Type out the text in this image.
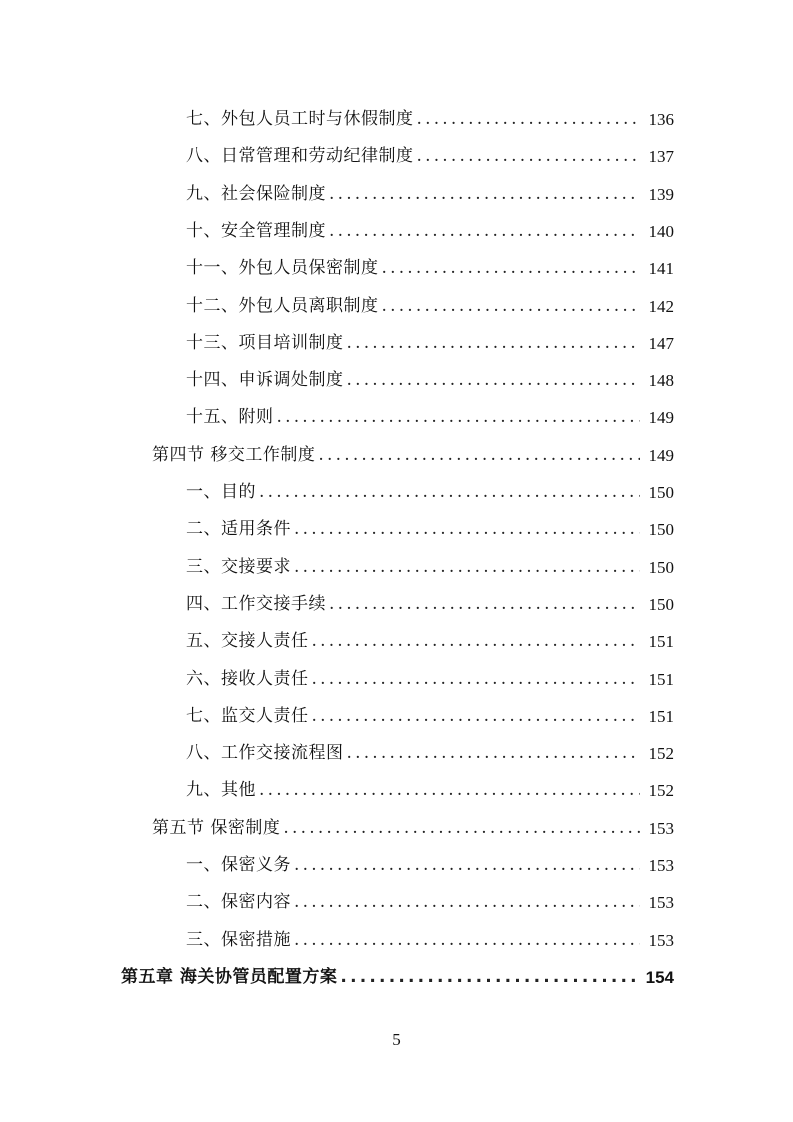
七、外包人员工时与休假制度 .....	136
八、日常管理和劳动纪律制度 .....	137
九、社会保险制度 .....	139
十、安全管理制度 .....	140
十一、外包人员保密制度 .....	141
十二、外包人员离职制度 .....	142
十三、项目培训制度 .....	147
十四、申诉调处制度 .....	148
十五、附则 .....	149
第四节 移交工作制度 .....	149
一、目的 .....	150
二、适用条件 .....	150
三、交接要求 .....	150
四、工作交接手续 .....	150
五、交接人责任 .....	151
六、接收人责任 .....	151
七、监交人责任 .....	151
八、工作交接流程图 .....	152
九、其他 .....	152
第五节 保密制度 .....	153
一、保密义务 .....	153
二、保密内容 .....	153
三、保密措施 .....	153
第五章 海关协管员配置方案 .....	154
5
